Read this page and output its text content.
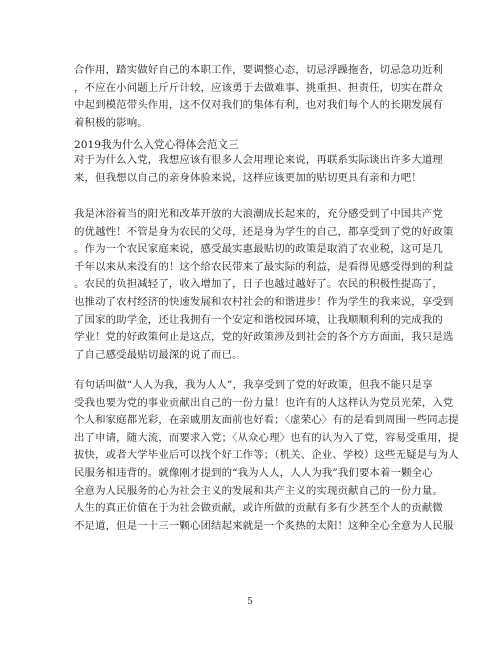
合作用，踏实做好自己的本职工作，要调整心态，切忌浮躁拖沓，切忌急功近利
，不应在小问题上斤斤计较，应该勇于去做难事、挑重担、担责任，切实在群众
中起到模范带头作用，这不仅对我们的集体有利，也对我们每个人的长期发展有
着积极的影响。
2019我为什么入党心得体会范文三
对于为什么入党，我想应该有很多人会用理论来说，再联系实际谈出许多大道理
来，但我想以自己的亲身体验来说，这样应该更加的贴切更具有亲和力吧！
我是沐浴着当的阳光和改革开放的大浪潮成长起来的，充分感受到了中国共产党
的优越性！不管是身为农民的父母，还是身为学生的自己，都享受到了党的好政策
。作为一个农民家庭来说，感受最实惠最贴切的政策是取消了农业税，这可是几
千年以来从来没有的！这个给农民带来了最实际的利益，是看得见感受得到的利益
。农民的负担减轻了，收入增加了，日子也越过越好了。农民的积极性提高了，
也推动了农村经济的快速发展和农村社会的和谐进步！作为学生的我来说，享受到
了国家的助学金，还让我拥有一个安定和谐校园环境，让我顺顺利利的完成我的
学业！党的好政策何止是这点，党的好政策涉及到社会的各个方方面面，我只是选
了自己感受最贴切最深的说了而已。
有句话叫做“人人为我，我为人人”，我享受到了党的好政策，但我不能只是享
受我也要为党的事业贡献出自己的一份力量！也许有的人这样认为党员光荣，入党
个人和家庭都光彩，在亲戚朋友面前也好看；〈虚荣心〉有的是看到周围一些同志提
出了申请，随大流，而要求入党；〈从众心理〉也有的认为入了党，容易受重用，提
拔快，或者大学毕业后可以找个好工作等；（机关、企业、学校）这些无疑是与为人
民服务相违背的。就像刚才提到的“我为人人，人人为我”我们要本着一颗全心
全意为人民服务的心为社会主义的发展和共产主义的实现贡献自己的一份力量。
人生的真正价值在于为社会做贡献，或许所做的贡献有多有少甚至个人的贡献微
不足道，但是一十三一颗心团结起来就是一个炙热的太阳！这种全心全意为人民服
5
